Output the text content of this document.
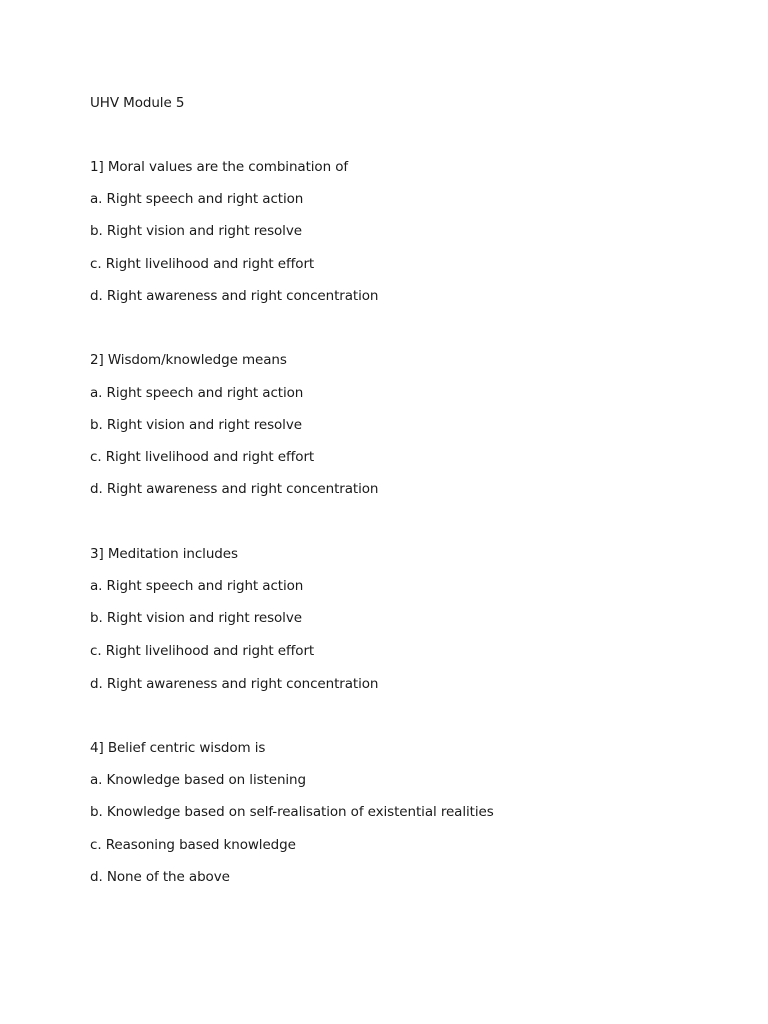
UHV Module 5
1] Moral values are the combination of
a. Right speech and right action
b. Right vision and right resolve
c. Right livelihood and right effort
d. Right awareness and right concentration
2] Wisdom/knowledge means
a. Right speech and right action
b. Right vision and right resolve
c. Right livelihood and right effort
d. Right awareness and right concentration
3] Meditation includes
a. Right speech and right action
b. Right vision and right resolve
c. Right livelihood and right effort
d. Right awareness and right concentration
4] Belief centric wisdom is
a. Knowledge based on listening
b. Knowledge based on self-realisation of existential realities
c. Reasoning based knowledge
d. None of the above
